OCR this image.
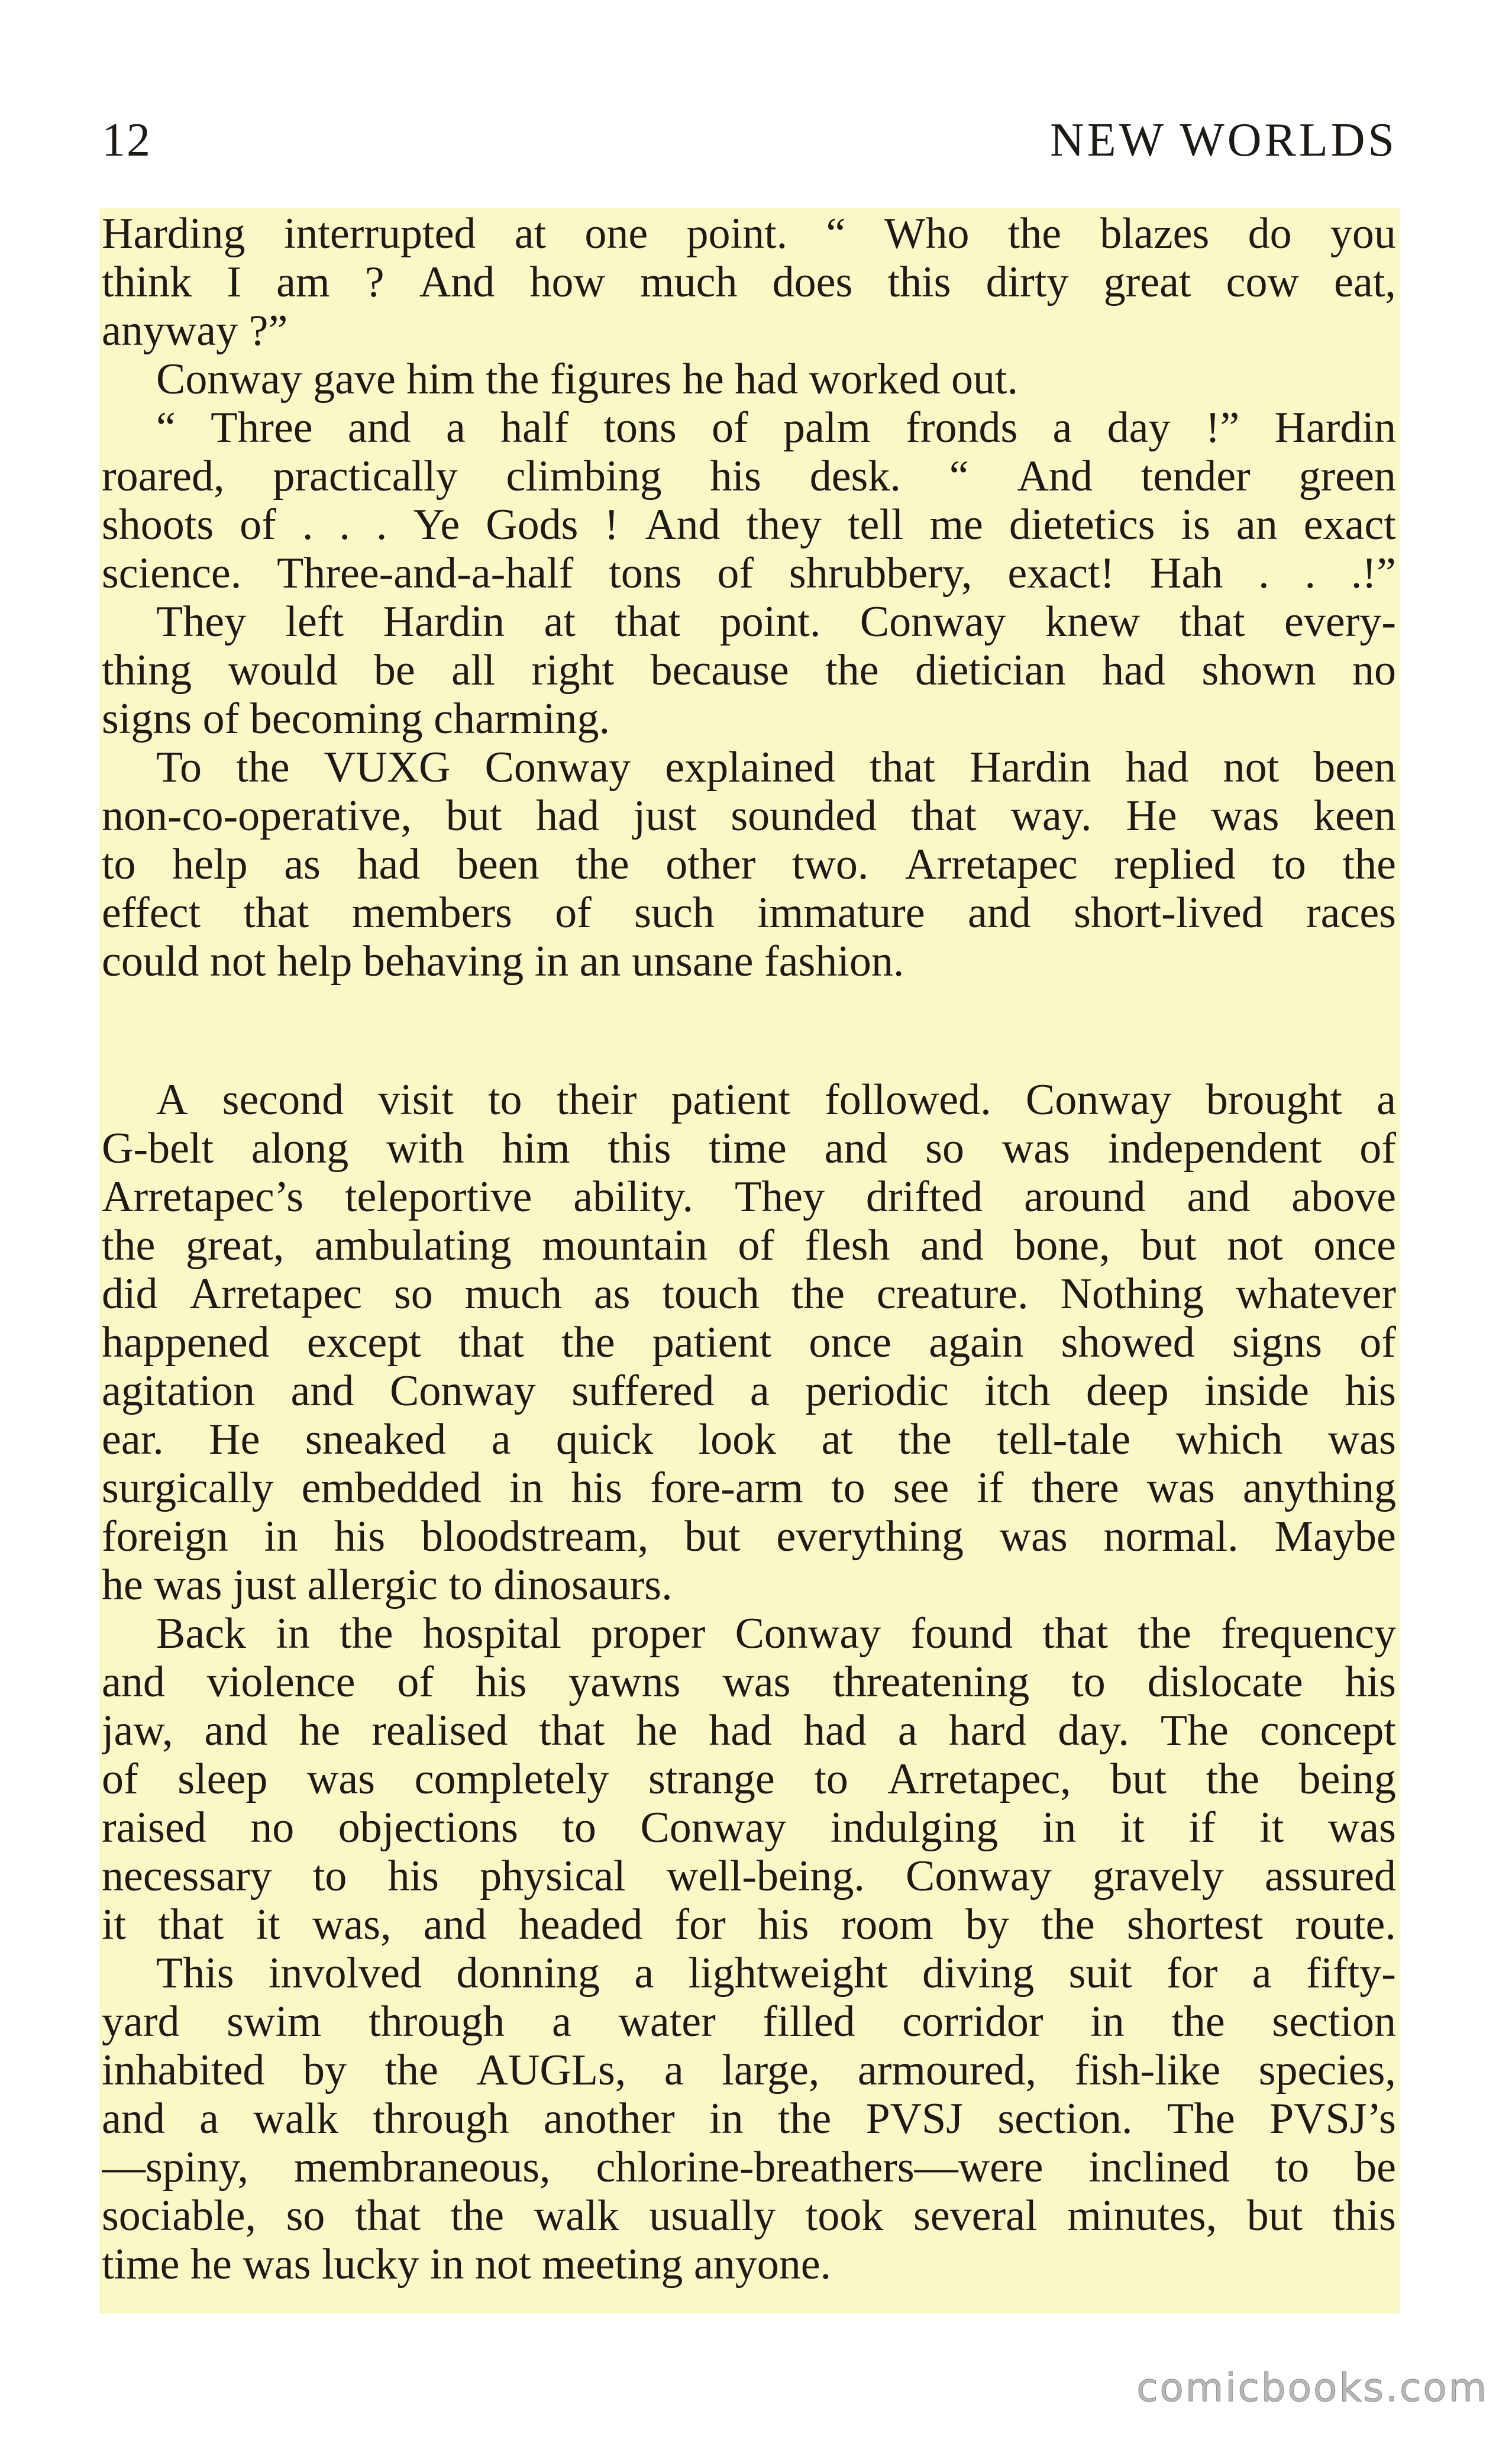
12	NEW WORLDS
Harding interrupted at one point. “ Who the blazes do you
think I am ? And how much does this dirty great cow eat,
anyway ?”
Conway gave him the figures he had worked out.
“ Three and a half tons of palm fronds a day !” Hardin
roared, practically climbing his desk. “ And tender green
shoots of . . . Ye Gods ! And they tell me dietetics is an exact
science. Three-and-a-half tons of shrubbery, exact! Hah . . .!”
They left Hardin at that point. Conway knew that every-
thing would be all right because the dietician had shown no
signs of becoming charming.
To the VUXG Conway explained that Hardin had not been
non-co-operative, but had just sounded that way. He was keen
to help as had been the other two. Arretapec replied to the
effect that members of such immature and short-lived races
could not help behaving in an unsane fashion.
A second visit to their patient followed. Conway brought a
G-belt along with him this time and so was independent of
Arretapec’s teleportive ability. They drifted around and above
the great, ambulating mountain of flesh and bone, but not once
did Arretapec so much as touch the creature. Nothing whatever
happened except that the patient once again showed signs of
agitation and Conway suffered a periodic itch deep inside his
ear. He sneaked a quick look at the tell-tale which was
surgically embedded in his fore-arm to see if there was anything
foreign in his bloodstream, but everything was normal. Maybe
he was just allergic to dinosaurs.
Back in the hospital proper Conway found that the frequency
and violence of his yawns was threatening to dislocate his
jaw, and he realised that he had had a hard day. The concept
of sleep was completely strange to Arretapec, but the being
raised no objections to Conway indulging in it if it was
necessary to his physical well-being. Conway gravely assured
it that it was, and headed for his room by the shortest route.
This involved donning a lightweight diving suit for a fifty-
yard swim through a water filled corridor in the section
inhabited by the AUGLs, a large, armoured, fish-like species,
and a walk through another in the PVSJ section. The PVSJ’s
—spiny, membraneous, chlorine-breathers—were inclined to be
sociable, so that the walk usually took several minutes, but this
time he was lucky in not meeting anyone.
comicbooks.com
